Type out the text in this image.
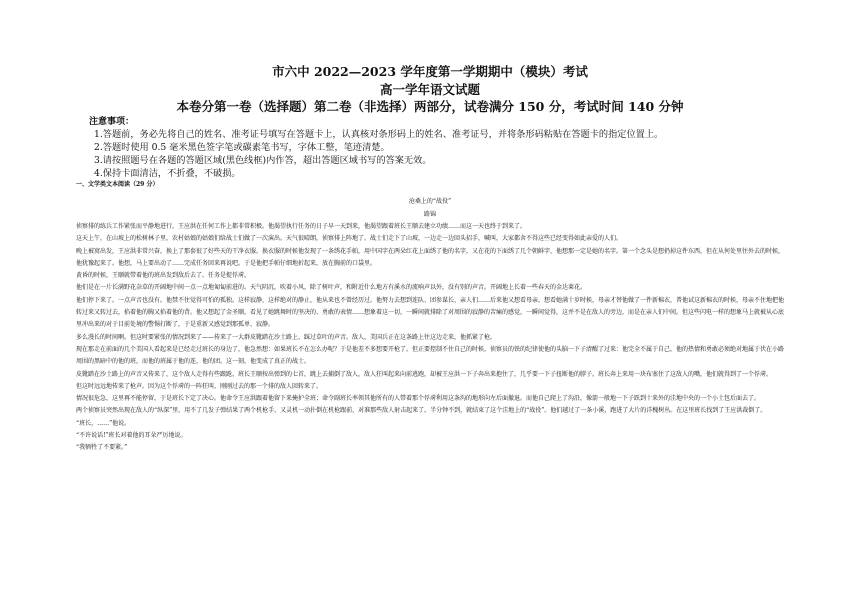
市六中 2022—2023 学年度第一学期期中（模块）考试
高一学年语文试题
本卷分第一卷（选择题）第二卷（非选择）两部分，试卷满分 150 分，考试时间 140 分钟
注意事项：
1.答题前，务必先将自己的姓名、准考证号填写在答题卡上，认真核对条形码上的姓名、准考证号，并将条形码粘贴在答题卡的指定位置上。
2.答题时使用 0.5 毫米黑色签字笔或碳素笔书写，字体工整，笔迹清楚。
3.请按照题号在各题的答题区域(黑色线框)内作答，超出答题区域书写的答案无效。
4.保持卡面清洁，不折叠，不破损。
一、文学类文本阅读（29 分）
沧桑上的“战役”
路锦

侦察排的练兵工作紧张而平静地进行，王应洪在任何工作上都非常积极。他渴望执行任务的日子早一天到来，他渴望跟着班长王顺去建立功绩……而这一天也终于到来了。

这天上午，在山坡上的松树林子里，农村姑娘的姑娘们给战士们做了一次演出。天气很晴朗，侦察排上阵地了。战士们走下了山坡，一边走一边回头招手，喊叫，大家都舍不得这些已经变得如此亲爱的人们。

晚上被窝出发，王应洪非常兴奋，换上了那套很了好些天的干净衣服。换衣服的时候他发现了一条绣花手帕，用中国字在两朵红花上面绣了他的名字，又在花的下面绣了几个朝鲜字，他想那一定是她的名字。第一个念头是想扔掉这件东西，但在从何处里往外去的时候，他犹豫起来了。他想，马上要出动了……完成任务回来再说吧。于是他把手帕仔细地折起来，放在胸前的口袋里。

黄昏的时候，王顺就带着他的班出发到敌后去了。任务是捉俘虏。

他们是在一片长满野花杂草的开阔地中间一点一点地匍匐前进的。天气阴沉，吹着小风，除了树叶声，和附近什么地方有溪水的流响声以外，没有别的声音。开阔地上长着一些春天的金达莱花。

他们停下来了。一点声音也没有。他禁不住觉得可怕的孤独。这样寂静，这样绝对的静止，他从来也不曾经历过。他努力去想到连队、团参谋长、亲人们……后来他又想看母亲。想看她满十岁时候，母亲才替他做了一件新棉衣，普他试这新棉衣的时候，母亲不住地把他转过来又转过去，掐着他的胸又掐着他的背。他又想起了金圣顺，看见了她跳舞时的坚决的、勇敢的表情……想象着这一切，一瞬间就排除了对周围的寂静的苦痛的感觉，一瞬间觉得，这并不是在敌人的旁边，而是在亲人们中间。但这些闪电一样的想象马上就被从心底里冲出来的对于目前处境的警惕打断了，于是重新又感觉到那孤单、寂静。

多么漫长的时间啊。但这时要紧张的情况到来了——传来了一大群皮靴踏在沙土路上、踩过草叶的声音。敌人，美国兵正在这条路上往这边走来，他抓紧了枪。

现在那走在前面的几个美国人看起来是已经走过班长的身边了，他急然想：如果班长不在怎么办呢？于是他差不多想要开枪了。但正要控制不住自己的时候，侦察员的铁的纪律使他的头脑一下子清醒了过来：他完全不属于自己，他的热情和勇敢必须绝对地属于伏在小路周围的黑暗中的他的班，而他的班属于他的连，他的团。这一刻，他变成了真正的战士。

皮靴踏在沙土路上的声音又传来了，这个敌人走得有些踉跄。班长王顺按出弹到的七首，跳上去捕倒了敌人，敌人狂叫起来向前逃跑，却被王应洪一下子奔出来抱住了，几乎要一下子扭断他的脖子。班长奔上来用一块布塞住了这敌人的嘴，他们就得到了一个俘虏。

但这时远远地传来了枪声。因为这个俘虏的一阵狂叫，刚刚过去的那一个排的敌人回转来了。

情况很危急，这里再不能停留，于是班长下定了决心。他命令王应洪跟着他留下来掩护全班；命令副班长率领其他所有的人带着那个俘虏利用这条沟的地形向左后面撤退。而他自己爬上了沟沿，像箭一般地一下子跃到十来外的洼地中央的一个小土包后面去了。

两个侦察员突然出现在敌人的“纵深”里，用不了几发子弹结果了两个机枪手，又灵机一动扑倒在机枪跟前，对准那些敌人射击起来了。半分钟不到，就结束了这个洼地上的“战役”。他们越过了一条小溪，跑进了大片的洋槐树丛。在这里班长找到了王应洪裁倒了。

“班长，……”他说。

“不许说话!”班长对着他的耳朵严厉地说。

“我牺牲了不要紧。”
